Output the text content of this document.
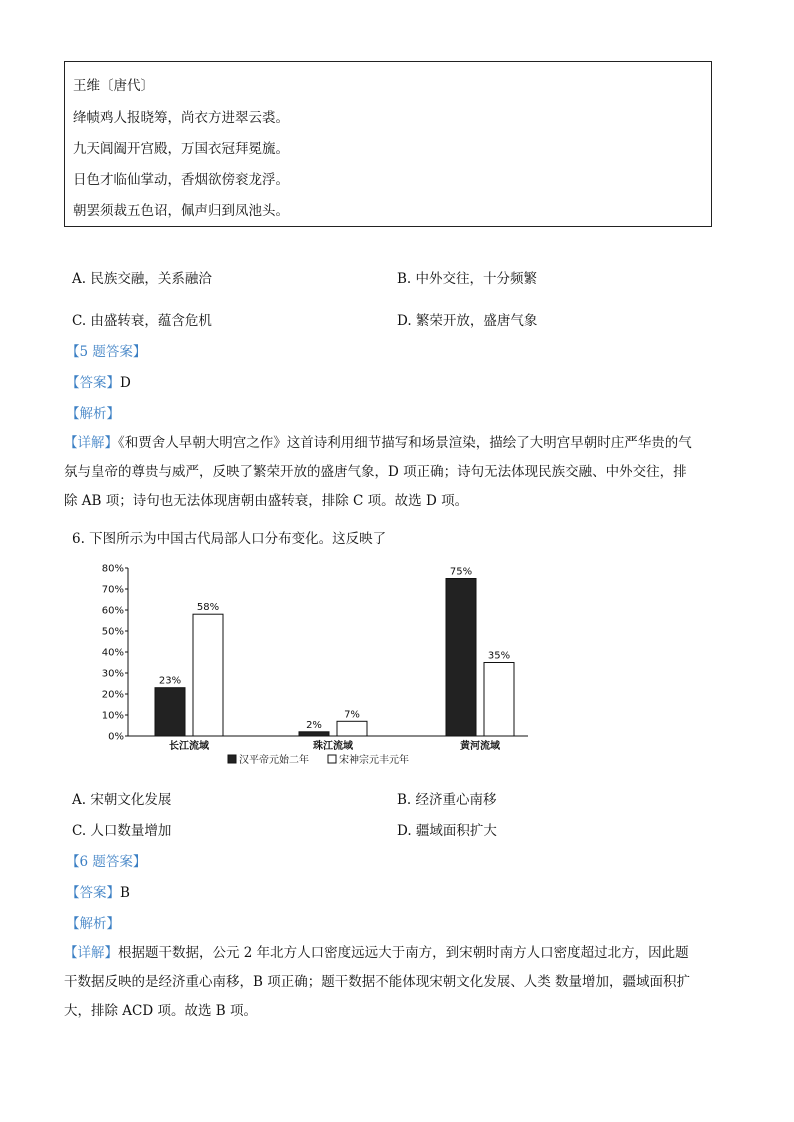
王维〔唐代〕
绛帻鸡人报晓筹，尚衣方进翠云裘。
九天阊阖开宫殿，万国衣冠拜冕旒。
日色才临仙掌动，香烟欲傍衮龙浮。
朝罢须裁五色诏，佩声归到凤池头。
A. 民族交融，关系融洽	B. 中外交往，十分频繁
C. 由盛转衰，蕴含危机	D. 繁荣开放，盛唐气象
【5 题答案】
【答案】D
【解析】
【详解】《和贾舍人早朝大明宫之作》这首诗利用细节描写和场景渲染，描绘了大明宫早朝时庄严华贵的气
氛与皇帝的尊贵与威严，反映了繁荣开放的盛唐气象，D 项正确；诗句无法体现民族交融、中外交往，排
除 AB 项；诗句也无法体现唐朝由盛转衰，排除 C 项。故选 D 项。
6. 下图所示为中国古代局部人口分布变化。这反映了
0%
10%
20%
30%
40%
50%
60%
70%
80%
23%
58%
长江流域
2%
7%
珠江流域
75%
35%
黄河流域
汉平帝元始二年	宋神宗元丰元年
A. 宋朝文化发展	B. 经济重心南移
C. 人口数量增加	D. 疆域面积扩大
【6 题答案】
【答案】B
【解析】
【详解】根据题干数据，公元 2 年北方人口密度远远大于南方，到宋朝时南方人口密度超过北方，因此题
干数据反映的是经济重心南移，B 项正确；题干数据不能体现宋朝文化发展、人类 数量增加，疆域面积扩
大，排除 ACD 项。故选 B 项。
